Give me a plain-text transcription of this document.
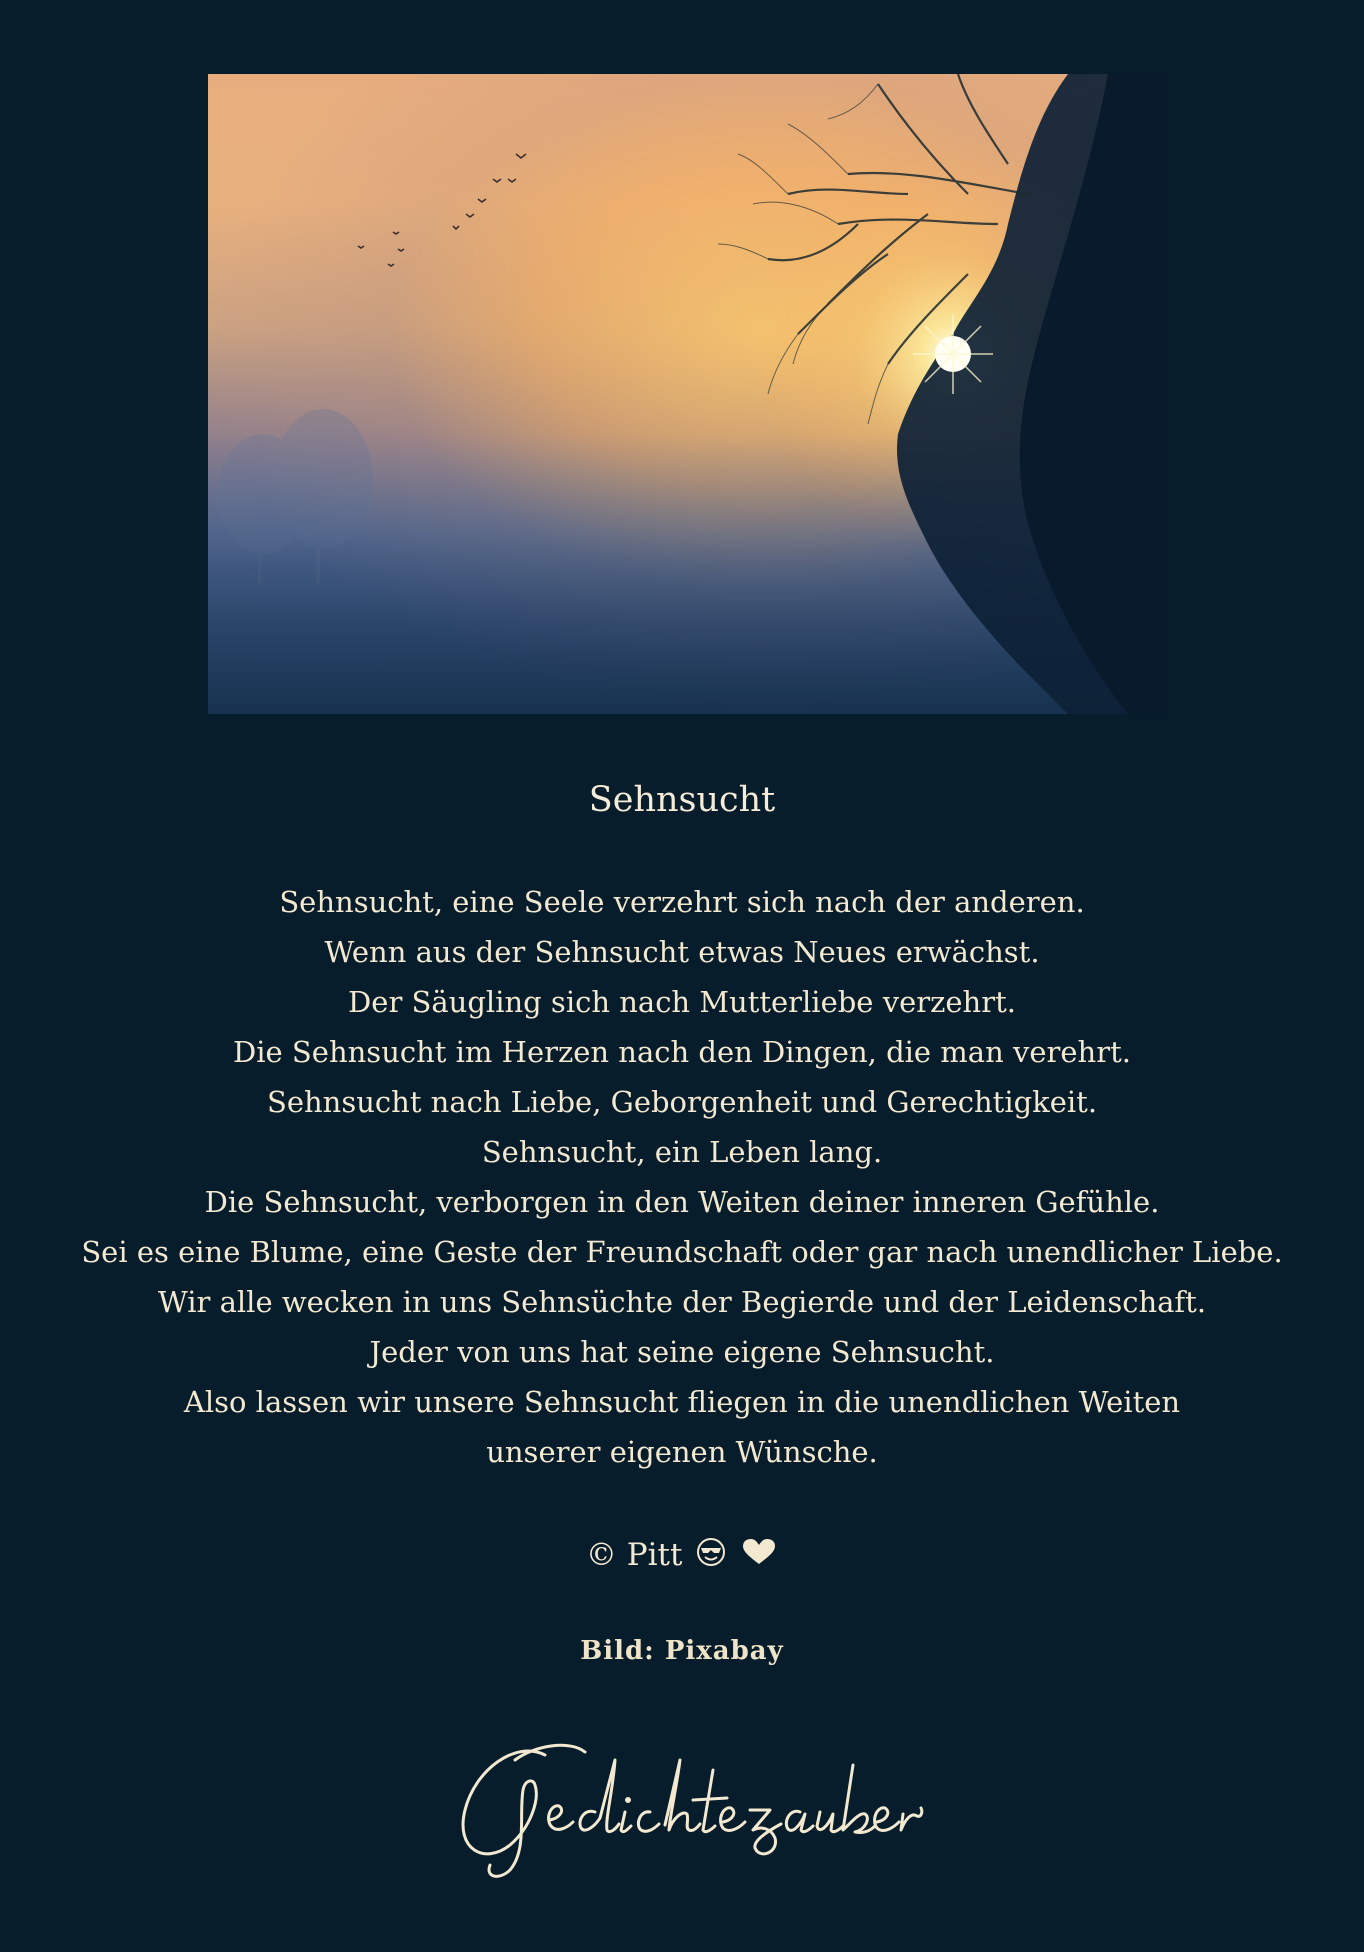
Sehnsucht
Sehnsucht, eine Seele verzehrt sich nach der anderen.
Wenn aus der Sehnsucht etwas Neues erwächst.
Der Säugling sich nach Mutterliebe verzehrt.
Die Sehnsucht im Herzen nach den Dingen, die man verehrt.
Sehnsucht nach Liebe, Geborgenheit und Gerechtigkeit.
Sehnsucht, ein Leben lang.
Die Sehnsucht, verborgen in den Weiten deiner inneren Gefühle.
Sei es eine Blume, eine Geste der Freundschaft oder gar nach unendlicher Liebe.
Wir alle wecken in uns Sehnsüchte der Begierde und der Leidenschaft.
Jeder von uns hat seine eigene Sehnsucht.
Also lassen wir unsere Sehnsucht fliegen in die unendlichen Weiten
unserer eigenen Wünsche.
© Pitt
Bild: Pixabay
